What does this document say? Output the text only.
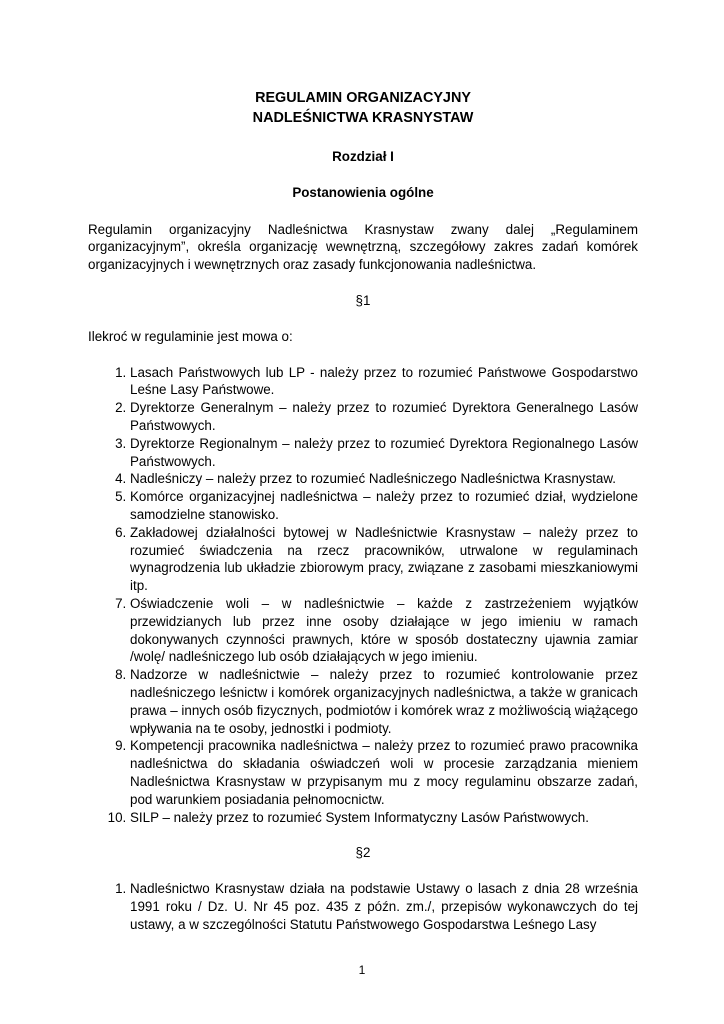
REGULAMIN ORGANIZACYJNY
NADLEŚNICTWA KRASNYSTAW
Rozdział I
Postanowienia ogólne
Regulamin organizacyjny Nadleśnictwa Krasnystaw zwany dalej „Regulaminem organizacyjnym”, określa organizację wewnętrzną, szczegółowy zakres zadań komórek organizacyjnych i wewnętrznych oraz zasady funkcjonowania nadleśnictwa.
§1
Ilekroć w regulaminie jest mowa o:
1. Lasach Państwowych lub LP - należy przez to rozumieć Państwowe Gospodarstwo Leśne Lasy Państwowe.
2. Dyrektorze Generalnym – należy przez to rozumieć Dyrektora Generalnego Lasów Państwowych.
3. Dyrektorze Regionalnym – należy przez to rozumieć Dyrektora Regionalnego Lasów Państwowych.
4. Nadleśniczy – należy przez to rozumieć Nadleśniczego Nadleśnictwa Krasnystaw.
5. Komórce organizacyjnej nadleśnictwa – należy przez to rozumieć dział, wydzielone samodzielne stanowisko.
6. Zakładowej działalności bytowej w Nadleśnictwie Krasnystaw – należy przez to rozumieć świadczenia na rzecz pracowników, utrwalone w regulaminach wynagrodzenia lub układzie zbiorowym pracy, związane z zasobami mieszkaniowymi itp.
7. Oświadczenie woli – w nadleśnictwie – każde z zastrzeżeniem wyjątków przewidzianych lub przez inne osoby działające w jego imieniu w ramach dokonywanych czynności prawnych, które w sposób dostateczny ujawnia zamiar /wolę/ nadleśniczego lub osób działających w jego imieniu.
8. Nadzorze w nadleśnictwie – należy przez to rozumieć kontrolowanie przez nadleśniczego leśnictw i komórek organizacyjnych nadleśnictwa, a także w granicach prawa – innych osób fizycznych, podmiotów i komórek wraz z możliwością wiążącego wpływania na te osoby, jednostki i podmioty.
9. Kompetencji pracownika nadleśnictwa – należy przez to rozumieć prawo pracownika nadleśnictwa do składania oświadczeń woli w procesie zarządzania mieniem Nadleśnictwa Krasnystaw w przypisanym mu z mocy regulaminu obszarze zadań, pod warunkiem posiadania pełnomocnictw.
10. SILP – należy przez to rozumieć System Informatyczny Lasów Państwowych.
§2
1. Nadleśnictwo Krasnystaw działa na podstawie Ustawy o lasach z dnia 28 września 1991 roku / Dz. U. Nr 45 poz. 435 z późn. zm./, przepisów wykonawczych do tej ustawy, a w szczególności Statutu Państwowego Gospodarstwa Leśnego Lasy
1
